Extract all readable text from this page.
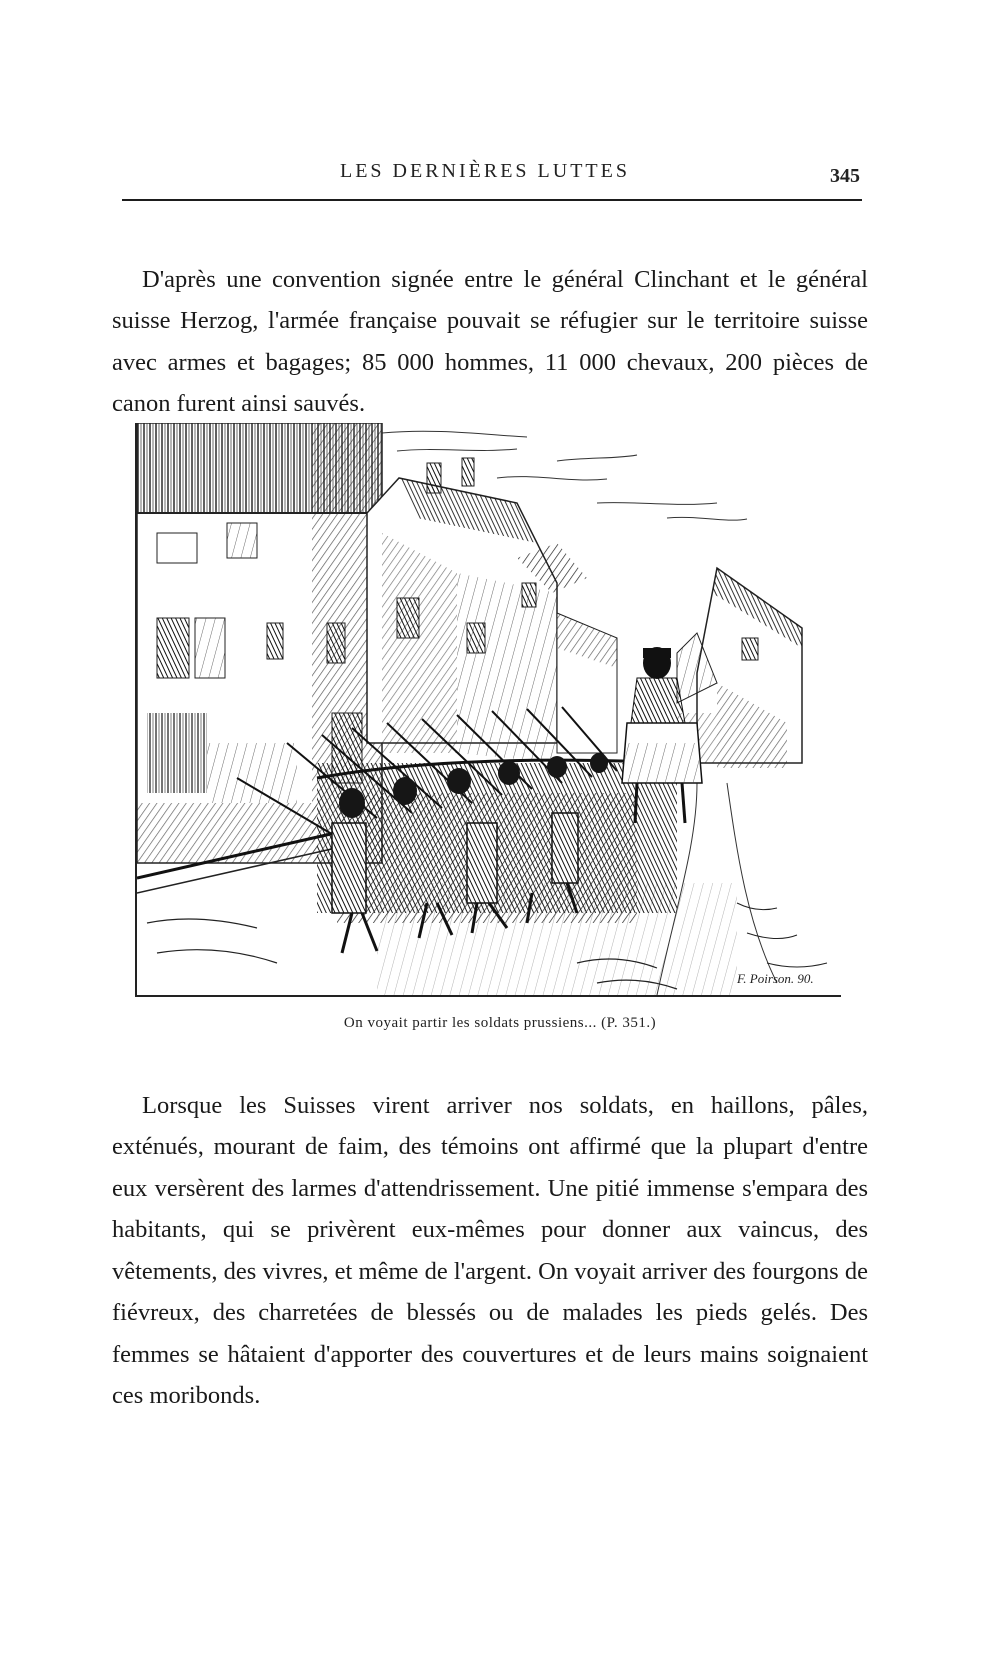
LES DERNIÈRES LUTTES	345

D'après une convention signée entre le général Clinchant et le général suisse Herzog, l'armée française pouvait se réfugier sur le territoire suisse avec armes et bagages; 85 000 hommes, 11 000 chevaux, 200 pièces de canon furent ainsi sauvés.

F. Poirson. 90.
On voyait partir les soldats prussiens... (P. 351.)

Lorsque les Suisses virent arriver nos soldats, en haillons, pâles, exténués, mourant de faim, des témoins ont affirmé que la plupart d'entre eux versèrent des larmes d'attendrissement. Une pitié immense s'empara des habitants, qui se privèrent eux-mêmes pour donner aux vaincus, des vêtements, des vivres, et même de l'argent. On voyait arriver des fourgons de fiévreux, des charretées de blessés ou de malades les pieds gelés. Des femmes se hâtaient d'apporter des couvertures et de leurs mains soignaient ces moribonds.
